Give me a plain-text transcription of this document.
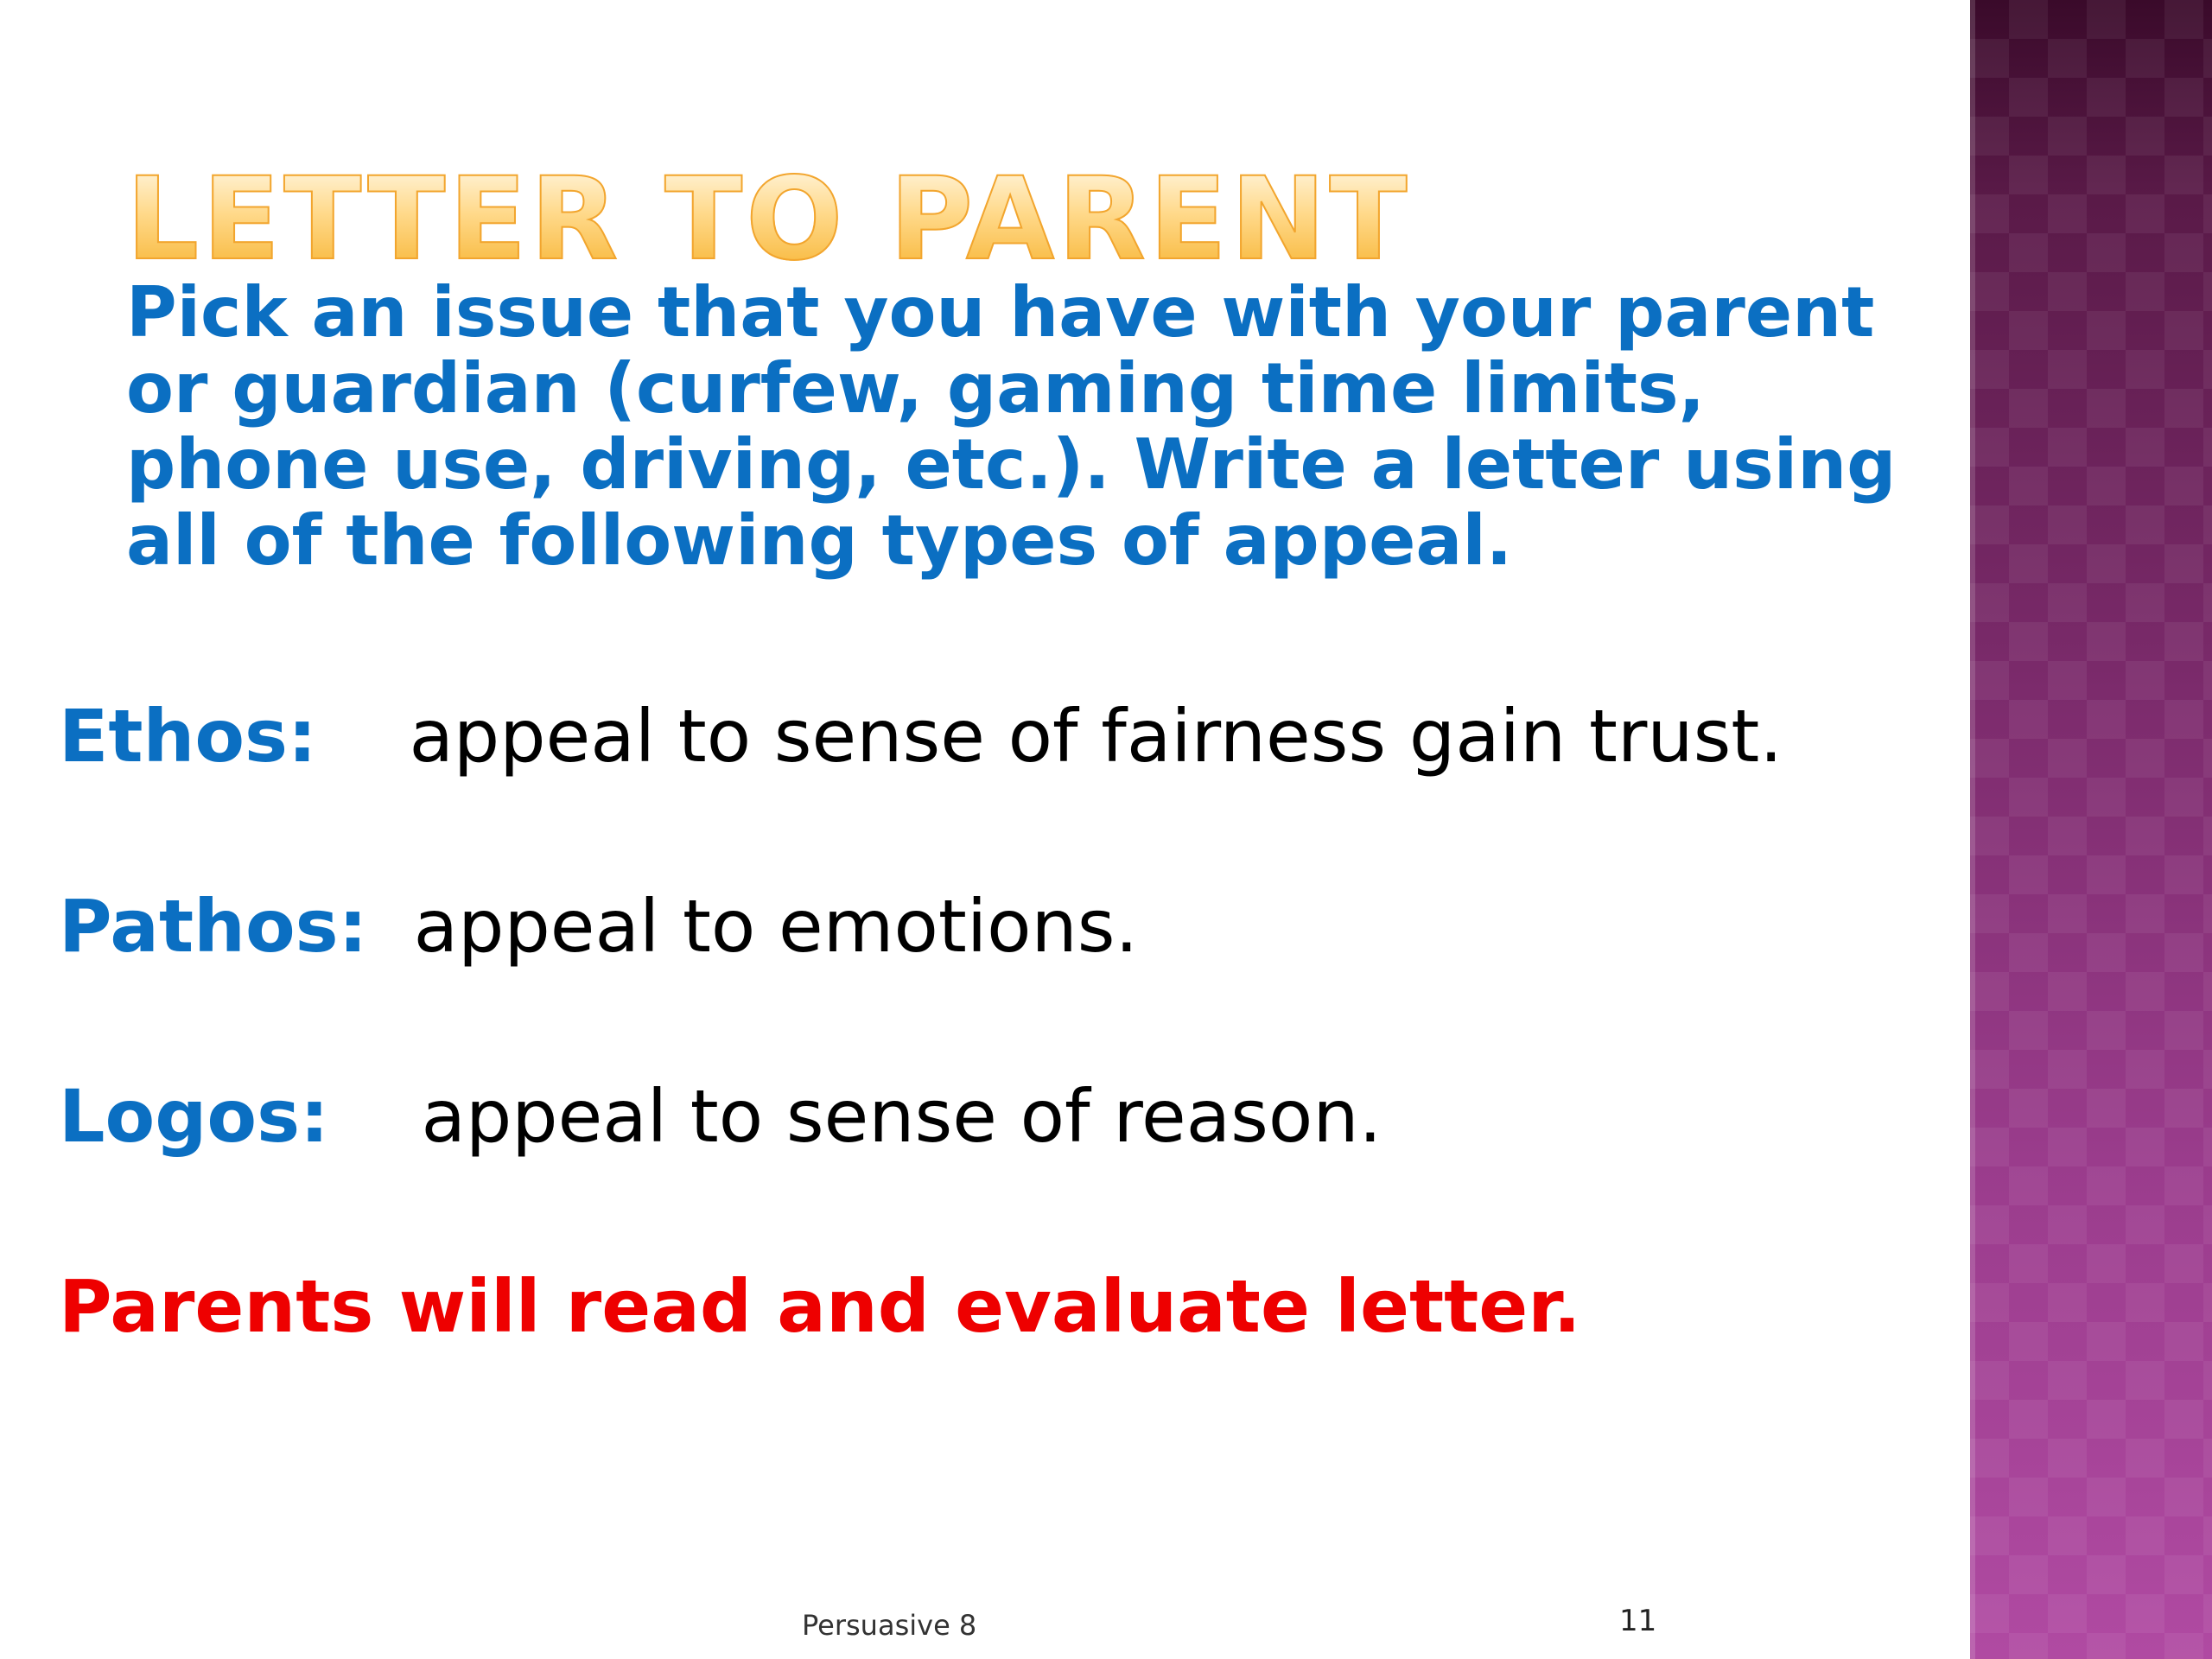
LETTER TO PARENT

Pick an issue that you have with your parent or guardian (curfew, gaming time limits, phone use, driving, etc.). Write a letter using all of the following types of appeal.

Ethos: appeal to sense of fairness gain trust.

Pathos: appeal to emotions.

Logos: appeal to sense of reason.

Parents will read and evaluate letter.

Persuasive 8	11
